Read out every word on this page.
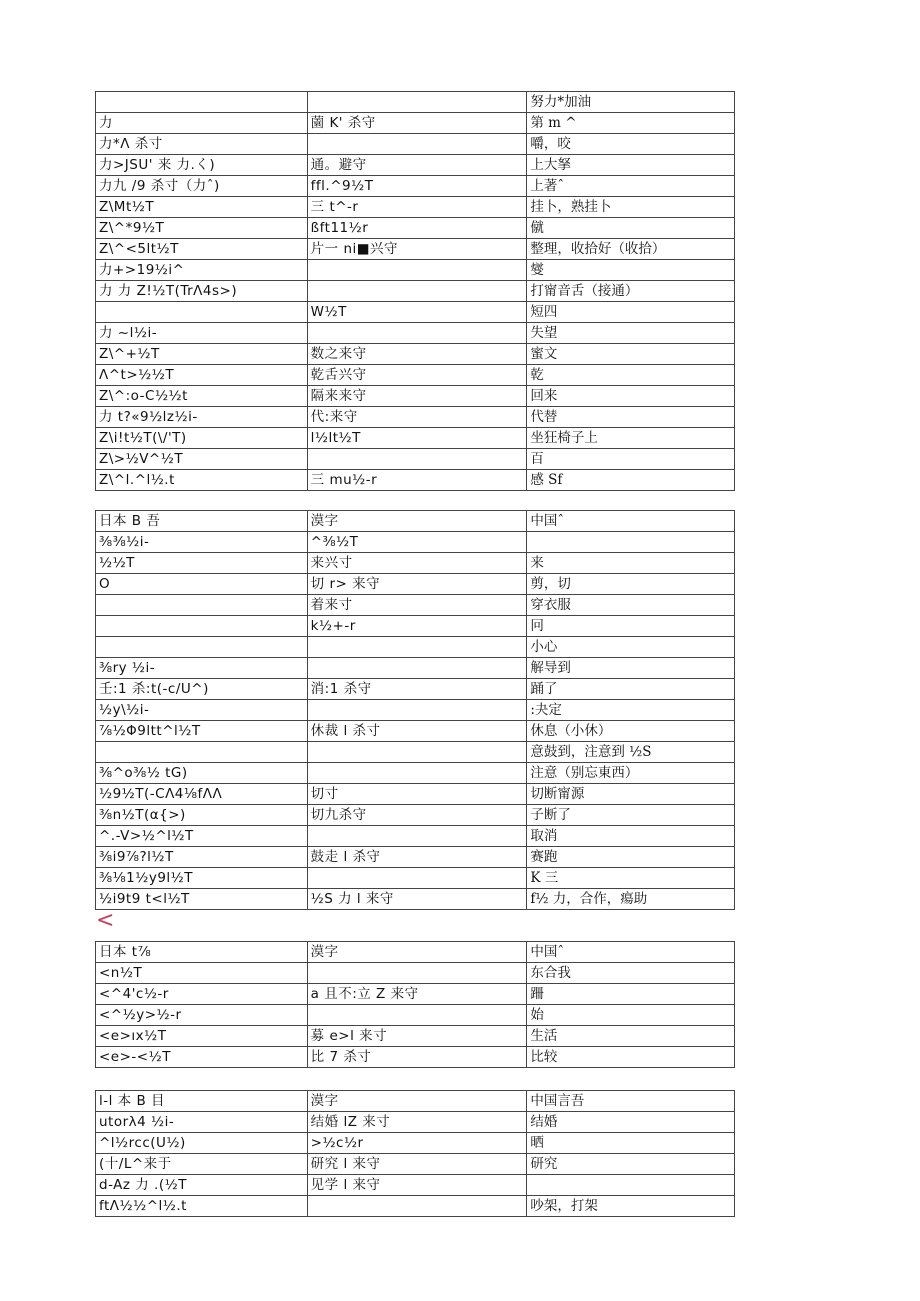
		努力*加油
力	薗 K' 杀守	第 m ^
力*Λ 杀寸		嚼，咬
力>JSU' 来 力.く)	通。避守	上大拏
力九 /9 杀寸（力ˆ)	ffl.^9½T	上著ˆ
Z\Mt½T	三 t^-r	挂卜，熟挂卜
Z\^*9½T	ßft11½r	僦
Z\^<5lt½T	片一 ni■兴守	整理，收拾好（收拾）
力+>19½i^		燮
力 力 Z!½T(TrΛ4s>)		打甯音舌（接通）
	W½T	短四
力 ~l½i-		失望
Z\^+½T	数之来守	蜜文
Λ^t>½½T	乾舌兴守	乾
Z\^:o-C½½t	隔来来守	回来
力 t?«9½lz½i-	代:来守	代替
Z\i!t½T(\/'T)	l½lt½T	坐狂椅子上
Z\>½V^½T		百
Z\^l.^l½.t	三 mu½-r	感 Sf
日本 B 吾	漠字	中国ˆ
⅜⅜½i-	^⅜½T	
½½T	来兴寸	来
O	切 r> 来守	剪，切
	着来寸	穿衣服
	k½+-r	冋
		小心
⅜ry ½i-		解导到
壬:1 杀:t(-c/U^)	消:1 杀守	踊了
½y\½i-		:夬定
⅞½Φ9ltt^l½T	休裁 l 杀寸	休息（小休）
		意鼓到，注意到 ½S
⅜^o⅜½ tG)		注意（别忘東西）
½9½T(-CΛ4⅛fΛΛ	切寸	切断甯源
⅜n½T(α{>)	切九杀守	子断了
^.-V>½^l½T		取消
⅜i9⅞?l½T	鼓走 l 杀守	赛跑
⅜⅛1½y9l½T		K 三
½i9t9 t<l½T	½S 力 l 来守	f½ 力，合作，瘍助
<
日本 t⅞	漠字	中国ˆ
<n½T		东合我
<^4'c½-r	a 且不:立 Z 来守	跚
<^½y>½-r		始
<e>ıx½T	募 e>l 来寸	生活
<e>-<½T	比 7 杀寸	比较
l-l 本 B 目	漠字	中国言吾
utorλ4 ½i-	结婚 lZ 来寸	结婚
^l½rcc(U½)	>½c½r	晒
(十/L^来于	研究 l 来守	研究
d-Az 力 .(½T	见学 l 来守	
ftΛ½½^l½.t		吵架，打架
